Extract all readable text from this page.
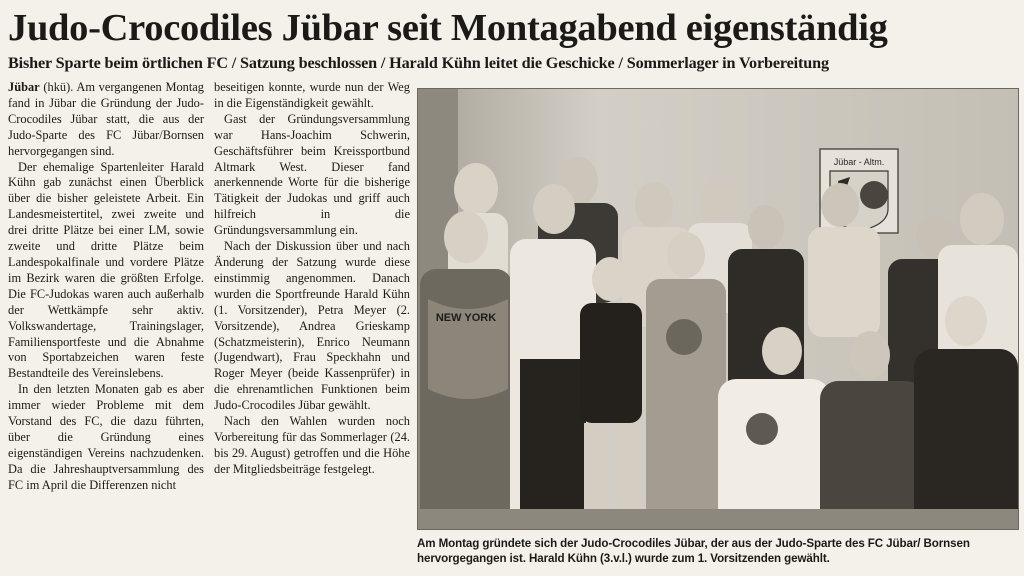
Judo-Crocodiles Jübar seit Montagabend eigenständig
Bisher Sparte beim örtlichen FC / Satzung beschlossen / Harald Kühn leitet die Geschicke / Sommerlager in Vorbereitung

Jübar (hkü). Am vergangenen Montag fand in Jübar die Gründung der Judo-Crocodiles Jübar statt, die aus der Judo-Sparte des FC Jübar/Bornsen hervorgegangen sind.

Der ehemalige Spartenleiter Harald Kühn gab zunächst einen Überblick über die bisher geleistete Arbeit. Ein Landesmeistertitel, zwei zweite und drei dritte Plätze bei einer LM, sowie zweite und dritte Plätze beim Landespokalfinale und vordere Plätze im Bezirk waren die größten Erfolge. Die FC-Judokas waren auch außerhalb der Wettkämpfe sehr aktiv. Volkswandertage, Trainingslager, Familiensportfeste und die Abnahme von Sportabzeichen waren feste Bestandteile des Vereinslebens.

In den letzten Monaten gab es aber immer wieder Probleme mit dem Vorstand des FC, die dazu führten, über die Gründung eines eigenständigen Vereins nachzudenken. Da die Jahreshauptversammlung des FC im April die Differenzen nicht

beseitigen konnte, wurde nun der Weg in die Eigenständigkeit gewählt.

Gast der Gründungsversammlung war Hans-Joachim Schwerin, Geschäftsführer beim Kreissportbund Altmark West. Dieser fand anerkennende Worte für die bisherige Tätigkeit der Judokas und griff auch hilfreich in die Gründungsversammlung ein.

Nach der Diskussion über und nach Änderung der Satzung wurde diese einstimmig angenommen. Danach wurden die Sportfreunde Harald Kühn (1. Vorsitzender), Petra Meyer (2. Vorsitzende), Andrea Grieskamp (Schatzmeisterin), Enrico Neumann (Jugendwart), Frau Speckhahn und Roger Meyer (beide Kassenprüfer) in die ehrenamtlichen Funktionen beim Judo-Crocodiles Jübar gewählt.

Nach den Wahlen wurden noch Vorbereitung für das Sommerlager (24. bis 29. August) getroffen und die Höhe der Mitgliedsbeiträge festgelegt.

Jübar - Altm.
NEW YORK
Am Montag gründete sich der Judo-Crocodiles Jübar, der aus der Judo-Sparte des FC Jübar/ Bornsen hervorgegangen ist. Harald Kühn (3.v.l.) wurde zum 1. Vorsitzenden gewählt.
